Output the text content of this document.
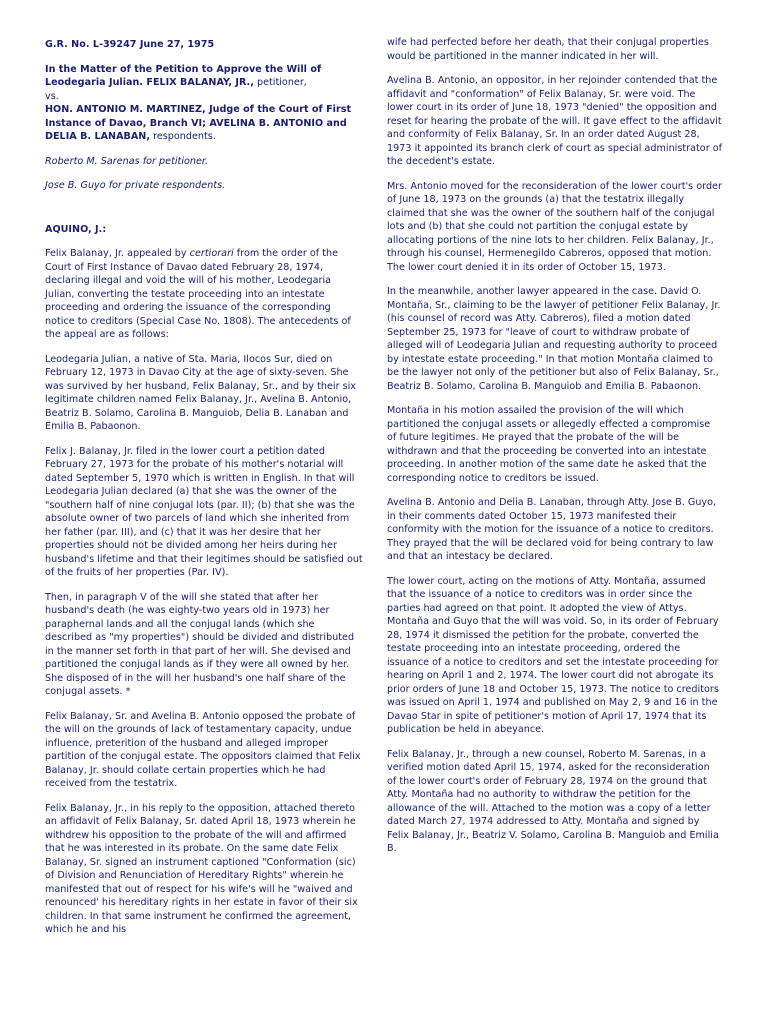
G.R. No. L-39247 June 27, 1975

In the Matter of the Petition to Approve the Will of Leodegaria Julian. FELIX BALANAY, JR., petitioner,
vs.
HON. ANTONIO M. MARTINEZ, Judge of the Court of First Instance of Davao, Branch VI; AVELINA B. ANTONIO and DELIA B. LANABAN, respondents.

Roberto M. Sarenas for petitioner.

Jose B. Guyo for private respondents.

AQUINO, J.:

Felix Balanay, Jr. appealed by certiorari from the order of the Court of First Instance of Davao dated February 28, 1974, declaring illegal and void the will of his mother, Leodegaria Julian, converting the testate proceeding into an intestate proceeding and ordering the issuance of the corresponding notice to creditors (Special Case No. 1808). The antecedents of the appeal are as follows:

Leodegaria Julian, a native of Sta. Maria, Ilocos Sur, died on February 12, 1973 in Davao City at the age of sixty-seven. She was survived by her husband, Felix Balanay, Sr., and by their six legitimate children named Felix Balanay, Jr., Avelina B. Antonio, Beatriz B. Solamo, Carolina B. Manguiob, Delia B. Lanaban and Emilia B. Pabaonon.

Felix J. Balanay, Jr. filed in the lower court a petition dated February 27, 1973 for the probate of his mother's notarial will dated September 5, 1970 which is written in English. In that will Leodegaria Julian declared (a) that she was the owner of the "southern half of nine conjugal lots (par. II); (b) that she was the absolute owner of two parcels of land which she inherited from her father (par. III), and (c) that it was her desire that her properties should not be divided among her heirs during her husband's lifetime and that their legitimes should be satisfied out of the fruits of her properties (Par. IV).

Then, in paragraph V of the will she stated that after her husband's death (he was eighty-two years old in 1973) her paraphernal lands and all the conjugal lands (which she described as "my properties") should be divided and distributed in the manner set forth in that part of her will. She devised and partitioned the conjugal lands as if they were all owned by her. She disposed of in the will her husband's one half share of the conjugal assets. *

Felix Balanay, Sr. and Avelina B. Antonio opposed the probate of the will on the grounds of lack of testamentary capacity, undue influence, preterition of the husband and alleged improper partition of the conjugal estate. The oppositors claimed that Felix Balanay, Jr. should collate certain properties which he had received from the testatrix.

Felix Balanay, Jr., in his reply to the opposition, attached thereto an affidavit of Felix Balanay, Sr. dated April 18, 1973 wherein he withdrew his opposition to the probate of the will and affirmed that he was interested in its probate. On the same date Felix Balanay, Sr. signed an instrument captioned "Conformation (sic) of Division and Renunciation of Hereditary Rights" wherein he manifested that out of respect for his wife's will he "waived and renounced' his hereditary rights in her estate in favor of their six children. In that same instrument he confirmed the agreement, which he and his

wife had perfected before her death, that their conjugal properties would be partitioned in the manner indicated in her will.

Avelina B. Antonio, an oppositor, in her rejoinder contended that the affidavit and "conformation" of Felix Balanay, Sr. were void. The lower court in its order of June 18, 1973 "denied" the opposition and reset for hearing the probate of the will. It gave effect to the affidavit and conformity of Felix Balanay, Sr. In an order dated August 28, 1973 it appointed its branch clerk of court as special administrator of the decedent's estate.

Mrs. Antonio moved for the reconsideration of the lower court's order of June 18, 1973 on the grounds (a) that the testatrix illegally claimed that she was the owner of the southern half of the conjugal lots and (b) that she could not partition the conjugal estate by allocating portions of the nine lots to her children. Felix Balanay, Jr., through his counsel, Hermenegildo Cabreros, opposed that motion. The lower court denied it in its order of October 15, 1973.

In the meanwhile, another lawyer appeared in the case. David O. Montaña, Sr., claiming to be the lawyer of petitioner Felix Balanay, Jr. (his counsel of record was Atty. Cabreros), filed a motion dated September 25, 1973 for "leave of court to withdraw probate of alleged will of Leodegaria Julian and requesting authority to proceed by intestate estate proceeding." In that motion Montaña claimed to be the lawyer not only of the petitioner but also of Felix Balanay, Sr., Beatriz B. Solamo, Carolina B. Manguiob and Emilia B. Pabaonon.

Montaña in his motion assailed the provision of the will which partitioned the conjugal assets or allegedly effected a compromise of future legitimes. He prayed that the probate of the will be withdrawn and that the proceeding be converted into an intestate proceeding. In another motion of the same date he asked that the corresponding notice to creditors be issued.

Avelina B. Antonio and Delia B. Lanaban, through Atty. Jose B. Guyo, in their comments dated October 15, 1973 manifested their conformity with the motion for the issuance of a notice to creditors. They prayed that the will be declared void for being contrary to law and that an intestacy be declared.

The lower court, acting on the motions of Atty. Montaña, assumed that the issuance of a notice to creditors was in order since the parties had agreed on that point. It adopted the view of Attys. Montaña and Guyo that the will was void. So, in its order of February 28, 1974 it dismissed the petition for the probate, converted the testate proceeding into an intestate proceeding, ordered the issuance of a notice to creditors and set the intestate proceeding for hearing on April 1 and 2, 1974. The lower court did not abrogate its prior orders of June 18 and October 15, 1973. The notice to creditors was issued on April 1, 1974 and published on May 2, 9 and 16 in the Davao Star in spite of petitioner's motion of April 17, 1974 that its publication be held in abeyance.

Felix Balanay, Jr., through a new counsel, Roberto M. Sarenas, in a verified motion dated April 15, 1974, asked for the reconsideration of the lower court's order of February 28, 1974 on the ground that Atty. Montaña had no authority to withdraw the petition for the allowance of the will. Attached to the motion was a copy of a letter dated March 27, 1974 addressed to Atty. Montaña and signed by Felix Balanay, Jr., Beatriz V. Solamo, Carolina B. Manguiob and Emilia B.
